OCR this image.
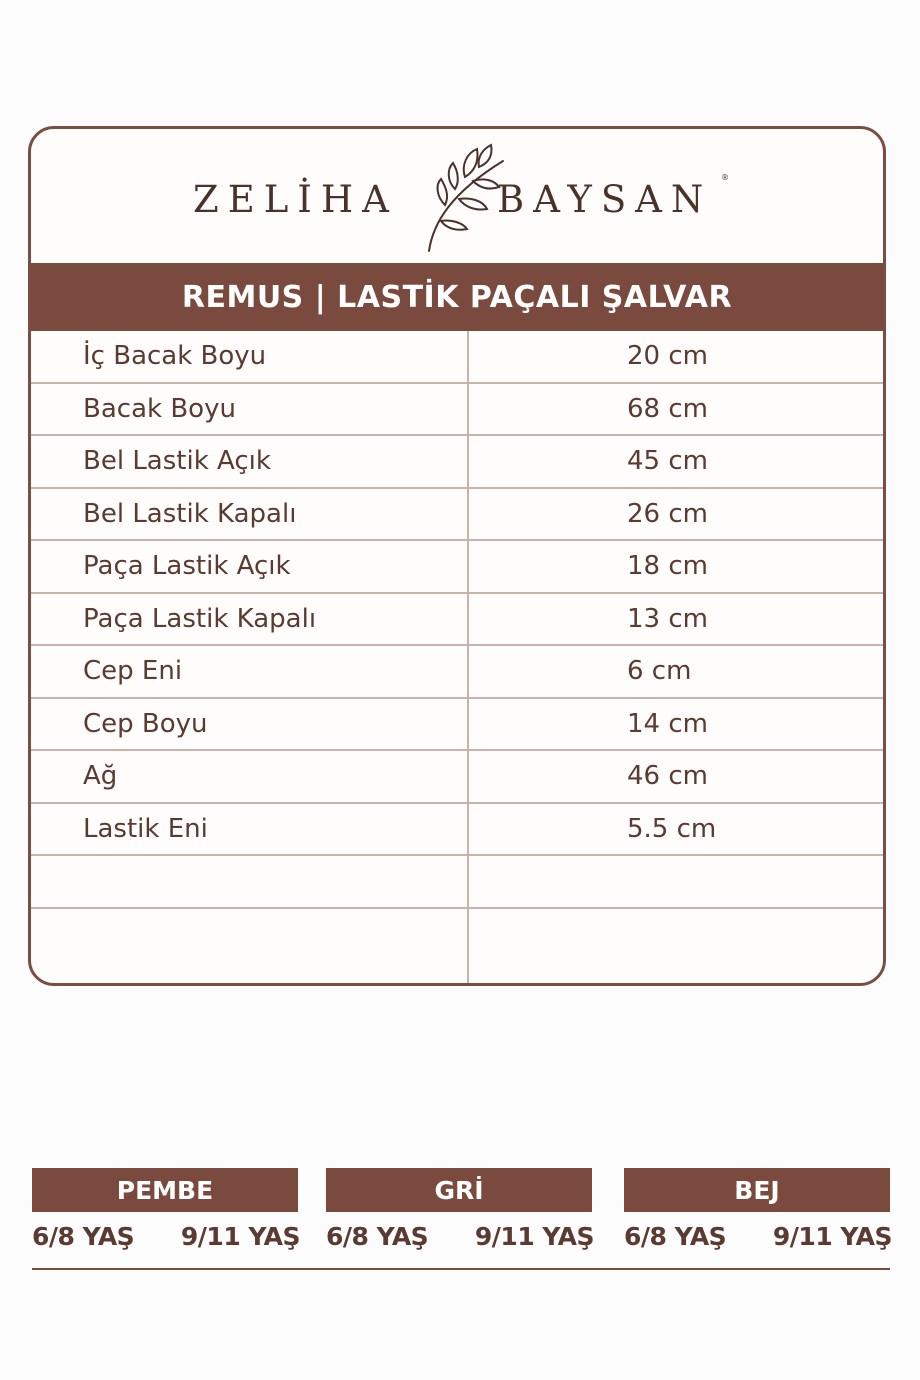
ZELİHA	BAYSAN
®
REMUS | LASTİK PAÇALI ŞALVAR
İç Bacak Boyu	20 cm
Bacak Boyu	68 cm
Bel Lastik Açık	45 cm
Bel Lastik Kapalı	26 cm
Paça Lastik Açık	18 cm
Paça Lastik Kapalı	13 cm
Cep Eni	6 cm
Cep Boyu	14 cm
Ağ	46 cm
Lastik Eni	5.5 cm
PEMBE
6/8 YAŞ 9/11 YAŞ
GRİ
6/8 YAŞ 9/11 YAŞ
BEJ
6/8 YAŞ 9/11 YAŞ
